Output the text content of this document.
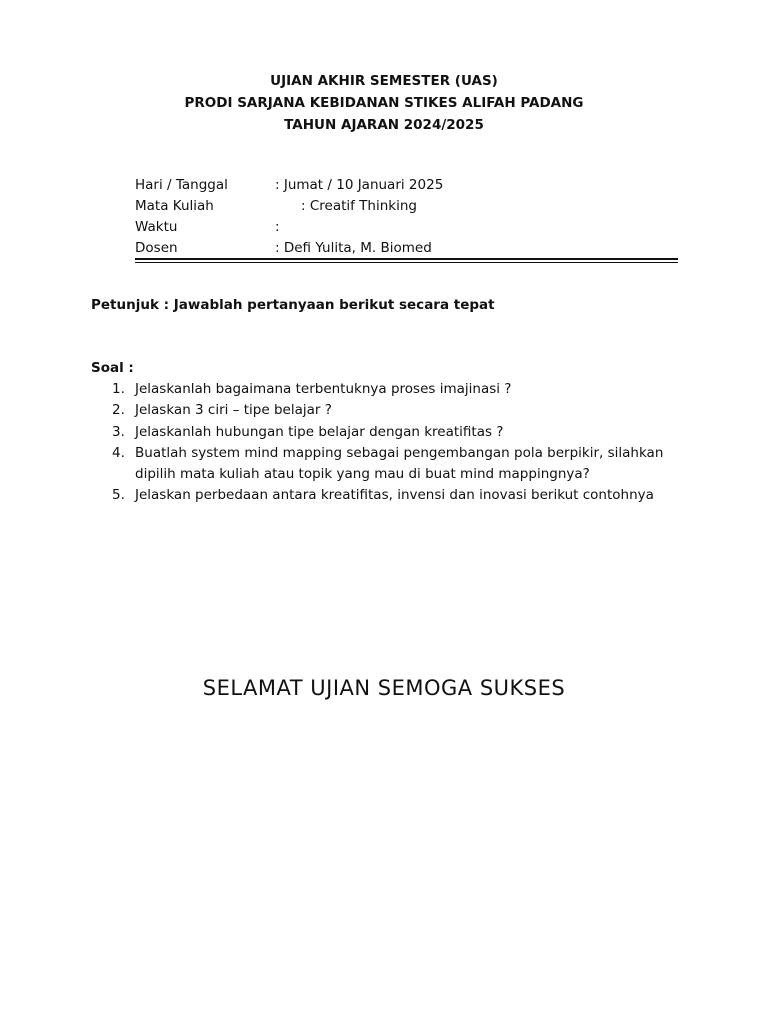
UJIAN AKHIR SEMESTER (UAS)
PRODI SARJANA KEBIDANAN STIKES ALIFAH PADANG
TAHUN AJARAN 2024/2025
Hari / Tanggal	: Jumat / 10 Januari 2025
Mata Kuliah	: Creatif Thinking
Waktu	:
Dosen	: Defi Yulita, M. Biomed
Petunjuk : Jawablah pertanyaan berikut secara tepat
Soal :
1. Jelaskanlah bagaimana terbentuknya proses imajinasi ?
2. Jelaskan 3 ciri – tipe belajar ?
3. Jelaskanlah hubungan tipe belajar dengan kreatifitas ?
4. Buatlah system mind mapping sebagai pengembangan pola berpikir, silahkan dipilih mata kuliah atau topik yang mau di buat mind mappingnya?
5. Jelaskan perbedaan antara kreatifitas, invensi dan inovasi berikut contohnya
SELAMAT UJIAN SEMOGA SUKSES
